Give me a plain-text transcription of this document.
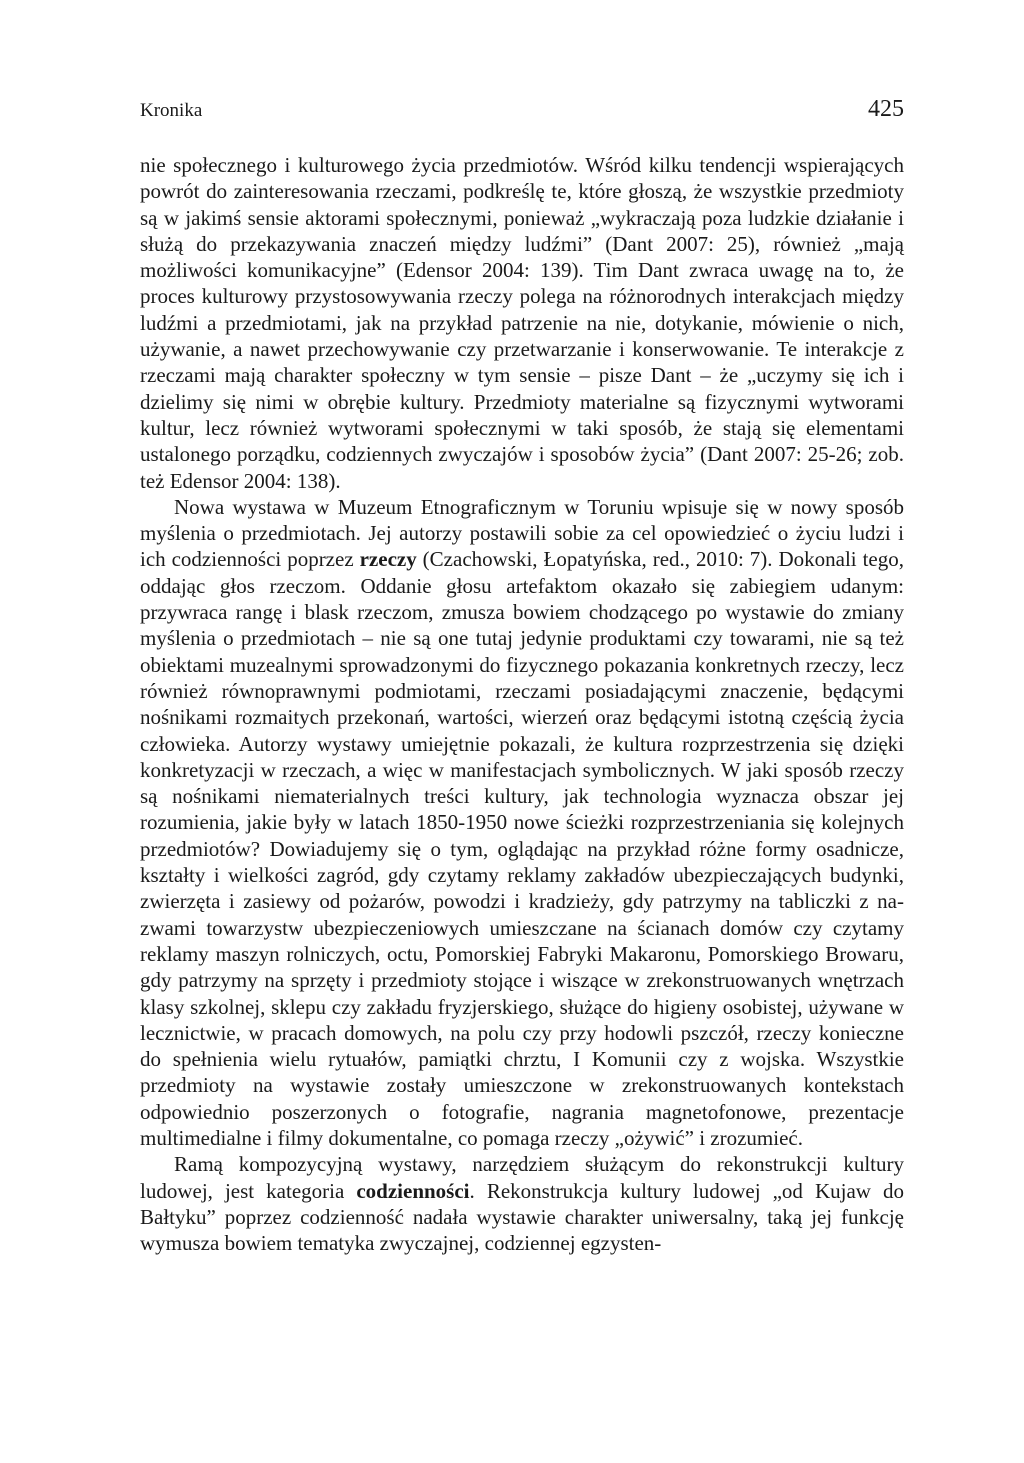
Kronika	425

nie społecznego i kulturowego życia przedmiotów. Wśród kilku tendencji wspierających powrót do zainteresowania rzeczami, podkreślę te, które głoszą, że wszystkie przedmioty są w jakimś sensie aktorami społecznymi, ponieważ „wykraczają poza ludzkie działanie i służą do przekazywania znaczeń między ludźmi” (Dant 2007: 25), również „mają możliwości komunikacyjne” (Edensor 2004: 139). Tim Dant zwraca uwagę na to, że proces kulturowy przystosowywania rzeczy polega na różnorodnych interakcjach między ludźmi a przedmiotami, jak na przykład patrzenie na nie, dotykanie, mówienie o nich, używanie, a nawet przechowywanie czy przetwarzanie i konserwowanie. Te interakcje z rzeczami mają charakter społeczny w tym sensie – pisze Dant – że „uczymy się ich i dzielimy się nimi w obrębie kultury. Przedmioty materialne są fizycznymi wytworami kultur, lecz również wytworami społecznymi w taki sposób, że stają się elementami ustalonego porządku, codziennych zwyczajów i sposobów życia” (Dant 2007: 25-26; zob. też Edensor 2004: 138).

Nowa wystawa w Muzeum Etnograficznym w Toruniu wpisuje się w nowy sposób myślenia o przedmiotach. Jej autorzy postawili sobie za cel opowiedzieć o życiu ludzi i ich codzienności poprzez rzeczy (Czachowski, Łopatyńska, red., 2010: 7). Dokonali tego, oddając głos rzeczom. Oddanie głosu artefaktom okazało się zabiegiem udanym: przywraca rangę i blask rzeczom, zmusza bowiem chodzącego po wystawie do zmiany myślenia o przedmiotach – nie są one tutaj jedynie produktami czy towarami, nie są też obiektami muzealnymi sprowadzonymi do fizycznego pokazania konkretnych rzeczy, lecz również równoprawnymi podmiotami, rzeczami posiadającymi znaczenie, będącymi nośnikami rozmaitych przekonań, wartości, wierzeń oraz będącymi istotną częścią życia człowieka. Autorzy wystawy umiejętnie pokazali, że kultura rozprzestrzenia się dzięki konkretyzacji w rzeczach, a więc w manifestacjach symbolicznych. W jaki sposób rzeczy są nośnikami niematerialnych treści kultury, jak technologia wyznacza obszar jej rozumienia, jakie były w latach 1850-1950 nowe ścieżki rozprzestrzeniania się kolejnych przedmiotów? Dowiadujemy się o tym, oglądając na przykład różne formy osadnicze, kształty i wielkości zagród, gdy czytamy reklamy zakładów ubezpieczających budynki, zwierzęta i zasiewy od pożarów, powodzi i kradzieży, gdy patrzymy na tabliczki z nazwami towarzystw ubezpieczeniowych umieszczane na ścianach domów czy czytamy reklamy maszyn rolniczych, octu, Pomorskiej Fabryki Makaronu, Pomorskiego Browaru, gdy patrzymy na sprzęty i przedmioty stojące i wiszące w zrekonstruowanych wnętrzach klasy szkolnej, sklepu czy zakładu fryzjerskiego, służące do higieny osobistej, używane w lecznictwie, w pracach domowych, na polu czy przy hodowli pszczół, rzeczy konieczne do spełnienia wielu rytuałów, pamiątki chrztu, I Komunii czy z wojska. Wszystkie przedmioty na wystawie zostały umieszczone w zrekonstruowanych kontekstach odpowiednio poszerzonych o fotografie, nagrania magnetofonowe, prezentacje multimedialne i filmy dokumentalne, co pomaga rzeczy „ożywić” i zrozumieć.

Ramą kompozycyjną wystawy, narzędziem służącym do rekonstrukcji kultury ludowej, jest kategoria codzienności. Rekonstrukcja kultury ludowej „od Kujaw do Bałtyku” poprzez codzienność nadała wystawie charakter uniwersalny, taką jej funkcję wymusza bowiem tematyka zwyczajnej, codziennej egzysten-
